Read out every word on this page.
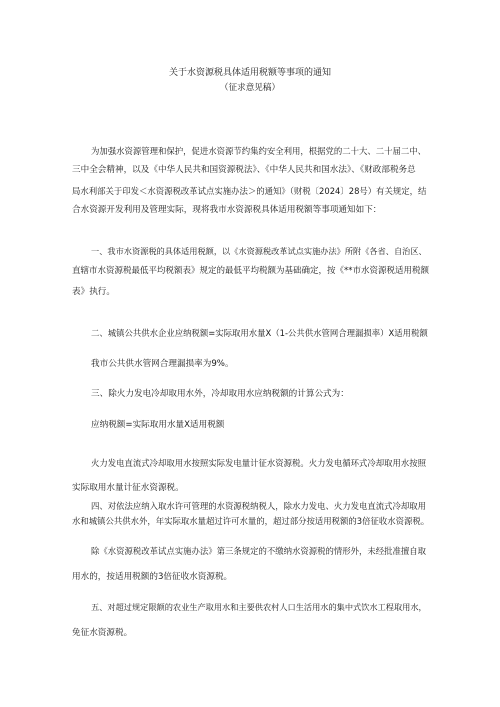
关于水资源税具体适用税额等事项的通知
（征求意见稿）
为加强水资源管理和保护，促进水资源节约集约安全利用，根据党的二十大、二十届二中、
三中全会精神，以及《中华人民共和国资源税法》、《中华人民共和国水法》、《财政部税务总
局水利部关于印发＜水资源税改革试点实施办法＞的通知》（财税〔2024〕28号）有关规定，结
合水资源开发利用及管理实际，现将我市水资源税具体适用税额等事项通知如下：
一、我市水资源税的具体适用税额，以《水资源税改革试点实施办法》所附《各省、自治区、
直辖市水资源税最低平均税额表》规定的最低平均税额为基础确定，按《**市水资源税适用税额
表》执行。
二、城镇公共供水企业应纳税额=实际取用水量X（1-公共供水管网合理漏损率）X适用税额
我市公共供水管网合理漏损率为9%。
三、除火力发电冷却取用水外，冷却取用水应纳税额的计算公式为：
应纳税额=实际取用水量X适用税额
火力发电直流式冷却取用水按照实际发电量计征水资源税。火力发电循环式冷却取用水按照
实际取用水量计征水资源税。
四、对依法应纳入取水许可管理的水资源税纳税人，除水力发电、火力发电直流式冷却取用
水和城镇公共供水外，年实际取水量超过许可水量的，超过部分按适用税额的3倍征收水资源税。
除《水资源税改革试点实施办法》第三条规定的不缴纳水资源税的情形外，未经批准擅自取
用水的，按适用税额的3倍征收水资源税。
五、对超过规定限额的农业生产取用水和主要供农村人口生活用水的集中式饮水工程取用水，
免征水资源税。
